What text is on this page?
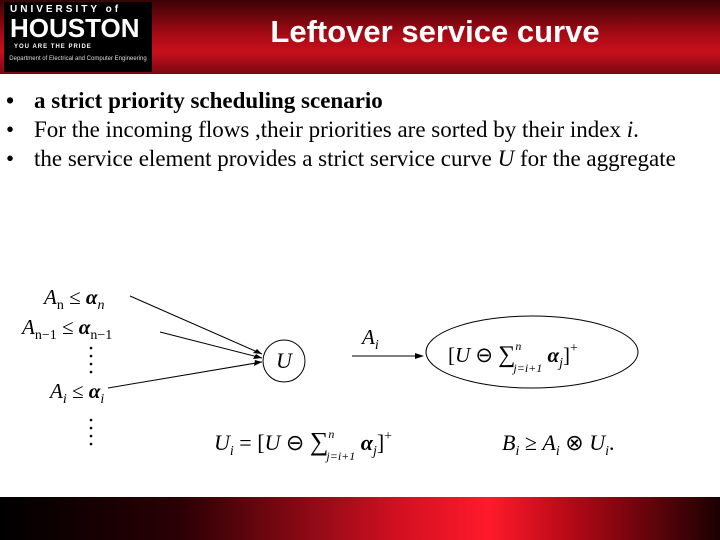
UNIVERSITY of
HOUSTON
YOU ARE THE PRIDE
Department of Electrical and Computer Engineering
Leftover service curve

• a strict priority scheduling scenario

• For the incoming flows ,their priorities are sorted by their index i.

• the service element provides a strict service curve U for the aggregate

$A_n \le \alpha_n$
$A_{n-1} \le \alpha_{n-1}$
$A_i \le \alpha_i$
U
$A_i$	[U ⊖ ∑$^n$ j=i+1 $\alpha_j]^+$
$U_i = [U$ ⊖ ∑$^n$ j=i+1 $\alpha_j]^+$	$B_i \ge A_i$ ⊗ $U_i$.
